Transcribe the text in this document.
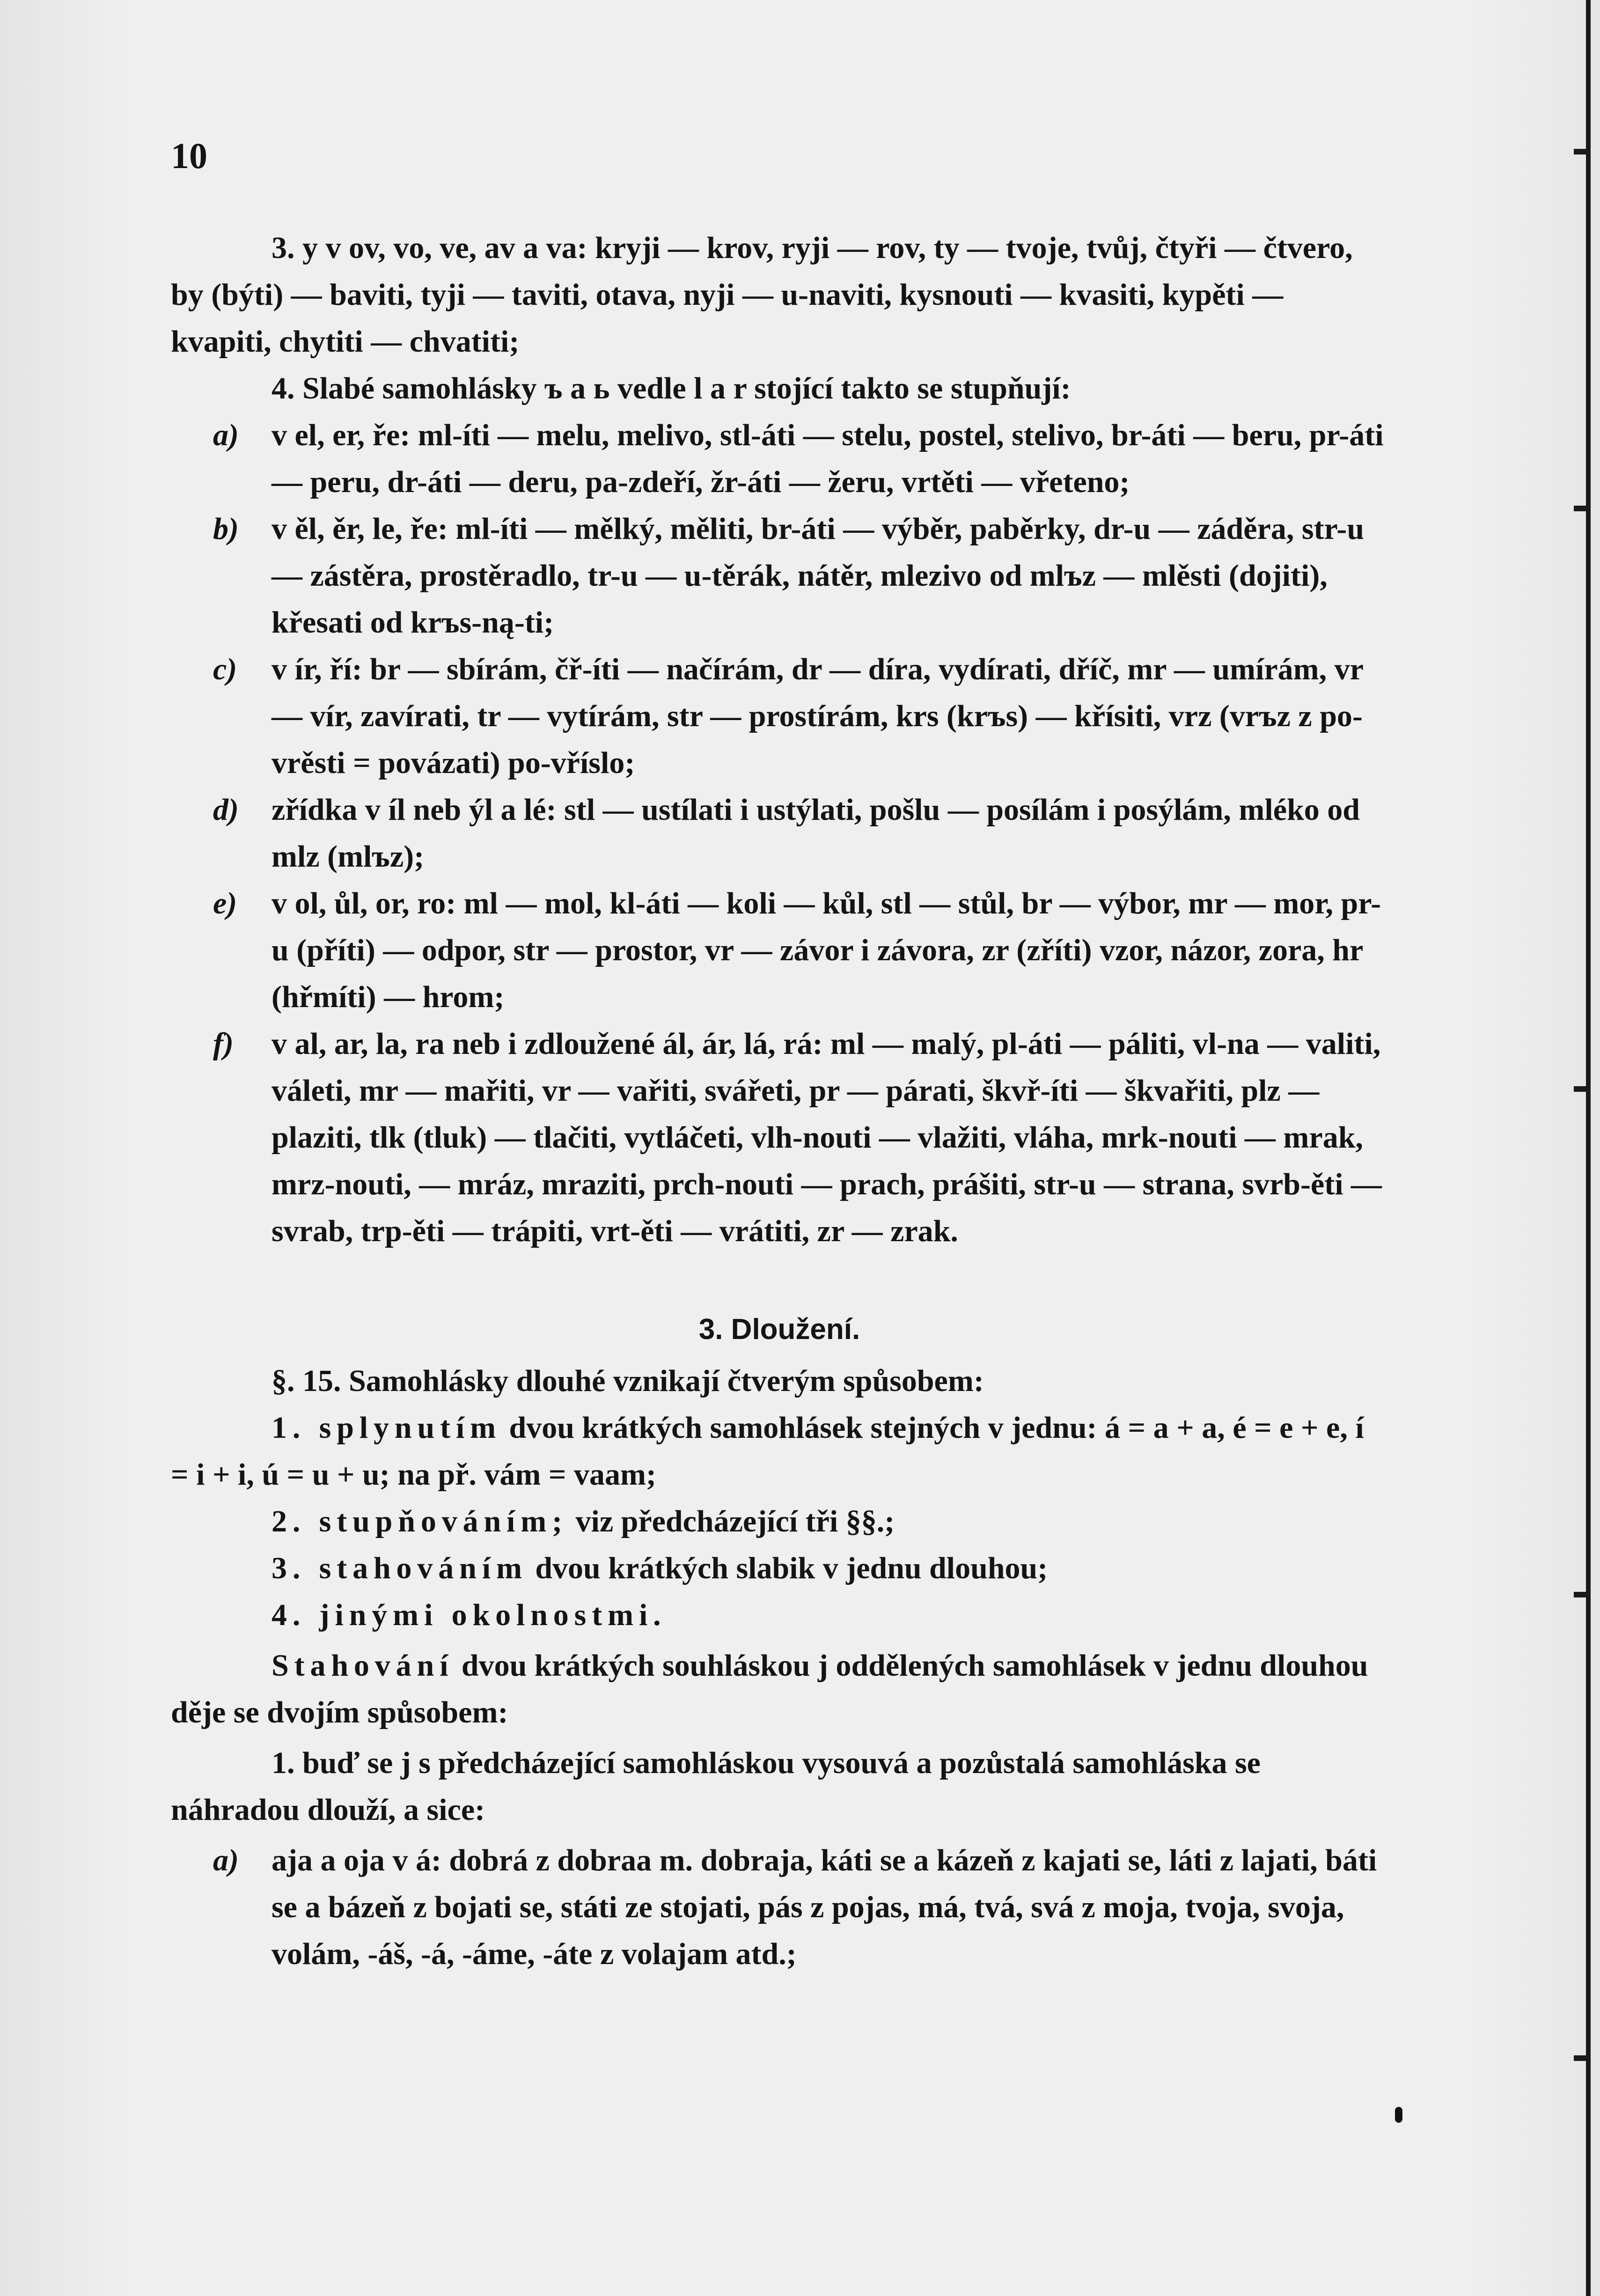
10

3. y v ov, vo, ve, av a va: kryji — krov, ryji — rov, ty — tvoje, tvůj, čtyři — čtvero, by (býti) — baviti, tyji — taviti, otava, nyji — u-naviti, kysnouti — kvasiti, kypěti — kvapiti, chytiti — chvatiti;

4. Slabé samohlásky ъ a ь vedle l a r stojící takto se stupňují:

a) v el, er, ře: ml-íti — melu, melivo, stl-áti — stelu, postel, stelivo, br-áti — beru, pr-áti — peru, dr-áti — deru, pa-zdeří, žr-áti — žeru, vrtěti — vřeteno;
b) v ěl, ěr, le, ře: ml-íti — mělký, měliti, br-áti — výběr, paběrky, dr-u — záděra, str-u — zástěra, prostěradlo, tr-u — u-těrák, nátěr, mlezivo od mlъz — mlěsti (dojiti), křesati od krъs-ną-ti;
c) v ír, ří: br — sbírám, čř-íti — načírám, dr — díra, vydírati, dříč, mr — umírám, vr — vír, zavírati, tr — vytírám, str — prostírám, krs (krъs) — křísiti, vrz (vrъz z po-vrěsti = povázati) po-vříslo;
d) zřídka v íl neb ýl a lé: stl — ustílati i ustýlati, pošlu — posílám i posýlám, mléko od mlz (mlъz);
e) v ol, ůl, or, ro: ml — mol, kl-áti — koli — kůl, stl — stůl, br — výbor, mr — mor, pr-u (příti) — odpor, str — prostor, vr — závor i závora, zr (zříti) vzor, názor, zora, hr (hřmíti) — hrom;
f) v al, ar, la, ra neb i zdloužené ál, ár, lá, rá: ml — malý, pl-áti — páliti, vl-na — valiti, váleti, mr — mařiti, vr — vařiti, svářeti, pr — párati, škvř-íti — škvařiti, plz — plaziti, tlk (tluk) — tlačiti, vytláčeti, vlh-nouti — vlažiti, vláha, mrk-nouti — mrak, mrz-nouti, — mráz, mraziti, prch-nouti — prach, prášiti, str-u — strana, svrb-ěti — svrab, trp-ěti — trápiti, vrt-ěti — vrátiti, zr — zrak.
3. Dloužení.

§. 15. Samohlásky dlouhé vznikají čtverým spůsobem:

1. splynutím dvou krátkých samohlásek stejných v jednu: á = a + a, é = e + e, í = i + i, ú = u + u; na př. vám = vaam;

2. stupňováním; viz předcházející tři §§.;

3. stahováním dvou krátkých slabik v jednu dlouhou;

4. jinými okolnostmi.

Stahování dvou krátkých souhláskou j oddělených samohlásek v jednu dlouhou děje se dvojím spůsobem:

1. buď se j s předcházející samohláskou vysouvá a pozůstalá samohláska se náhradou dlouží, a sice:

a) aja a oja v á: dobrá z dobraa m. dobraja, káti se a kázeň z kajati se, láti z lajati, báti se a bázeň z bojati se, státi ze stojati, pás z pojas, má, tvá, svá z moja, tvoja, svoja, volám, -áš, -á, -áme, -áte z volajam atd.;
